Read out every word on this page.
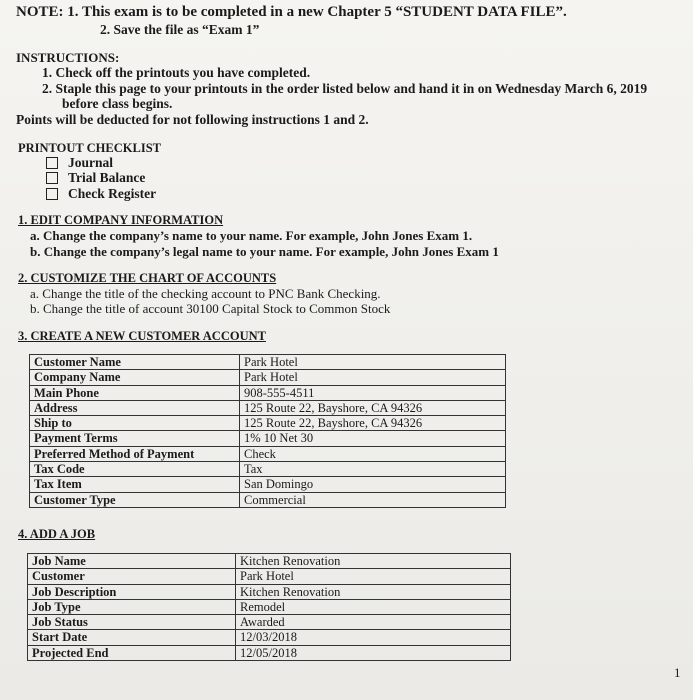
NOTE: 1. This exam is to be completed in a new Chapter 5 “STUDENT DATA FILE”.
2. Save the file as “Exam 1”
INSTRUCTIONS:
1. Check off the printouts you have completed.
2. Staple this page to your printouts in the order listed below and hand it in on Wednesday March 6, 2019
before class begins.
Points will be deducted for not following instructions 1 and 2.
PRINTOUT CHECKLIST
Journal
Trial Balance
Check Register
1. EDIT COMPANY INFORMATION
a. Change the company’s name to your name. For example, John Jones Exam 1.
b. Change the company’s legal name to your name. For example, John Jones Exam 1
2. CUSTOMIZE THE CHART OF ACCOUNTS
a. Change the title of the checking account to PNC Bank Checking.
b. Change the title of account 30100 Capital Stock to Common Stock
3. CREATE A NEW CUSTOMER ACCOUNT
Customer Name	Park Hotel
Company Name	Park Hotel
Main Phone	908-555-4511
Address	125 Route 22, Bayshore, CA 94326
Ship to	125 Route 22, Bayshore, CA 94326
Payment Terms	1% 10 Net 30
Preferred Method of Payment	Check
Tax Code	Tax
Tax Item	San Domingo
Customer Type	Commercial
4. ADD A JOB
Job Name	Kitchen Renovation
Customer	Park Hotel
Job Description	Kitchen Renovation
Job Type	Remodel
Job Status	Awarded
Start Date	12/03/2018
Projected End	12/05/2018
1
